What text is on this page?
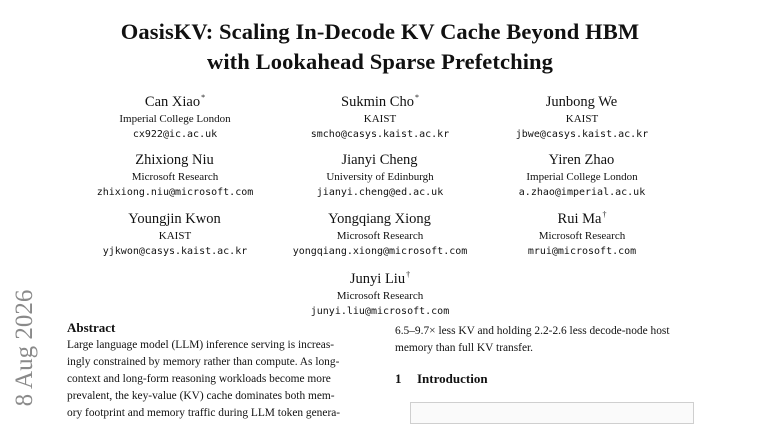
OasisKV: Scaling In-Decode KV Cache Beyond HBM
with Lookahead Sparse Prefetching
Can Xiao*
Imperial College London
cx922@ic.ac.uk
Sukmin Cho*
KAIST
smcho@casys.kaist.ac.kr
Junbong We
KAIST
jbwe@casys.kaist.ac.kr
Zhixiong Niu
Microsoft Research
zhixiong.niu@microsoft.com
Jianyi Cheng
University of Edinburgh
jianyi.cheng@ed.ac.uk
Yiren Zhao
Imperial College London
a.zhao@imperial.ac.uk
Youngjin Kwon
KAIST
yjkwon@casys.kaist.ac.kr
Yongqiang Xiong
Microsoft Research
yongqiang.xiong@microsoft.com
Rui Ma†
Microsoft Research
mrui@microsoft.com
Junyi Liu†
Microsoft Research
junyi.liu@microsoft.com
8 Aug 2026 Abstract

Large language model (LLM) inference serving is increas-

ingly constrained by memory rather than compute. As long-

context and long-form reasoning workloads become more

prevalent, the key-value (KV) cache dominates both mem-

ory footprint and memory traffic during LLM token genera-

6.5–9.7× less KV and holding 2.2-2.6 less decode-node host

memory than full KV transfer.

1 Introduction
